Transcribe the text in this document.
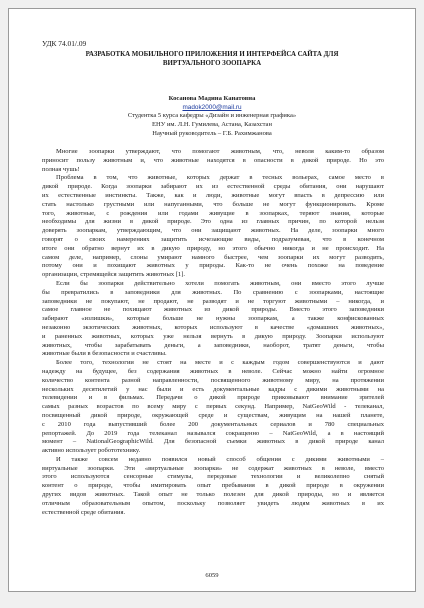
УДК 74.01/.09
РАЗРАБОТКА МОБИЛЬНОГО ПРИЛОЖЕНИЯ И ИНТЕРФЕЙСА САЙТА ДЛЯ
ВИРТУАЛЬНОГО ЗООПАРКА
Косанова Мадина Канатовна
madok2000@mail.ru
Студентка 5 курса кафедры «Дизайн и инженерная графика»
ЕНУ им. Л.Н. Гумилева, Астана, Казахстан
Научный руководитель – Г.Б. Рахимжанова
Многие зоопарки утверждают, что помогают животным, что, неволя каким-то образом
приносит пользу животным и, что животные находятся в опасности в дикой природе. Но это
полная чушь!
Проблема в том, что животные, которых держат в тесных вольерах, самое место в
дикой природе. Когда зоопарки забирают их из естественной среды обитания, они нарушают
их естественные инстинкты. Также, как и люди, животные могут впасть в депрессию или
стать настолько грустными или напуганными, что больше не могут функционировать. Кроме
того, животные, с рождения или годами живущие в зоопарках, теряют знания, которые
необходимы для жизни в дикой природе. Это одна из главных причин, по которой нельзя
доверять зоопаркам, утверждающим, что они защищают животных. На деле, зоопарки много
говорят о своих намерениях защитить исчезающие виды, подразумевая, что в конечном
итоге они обратно вернут их в дикую природу, но этого обычно никогда и не происходит. На
самом деле, например, слоны умирают намного быстрее, чем зоопарки их могут разводить,
потому они и похищают животных у природы. Как-то не очень похоже на поведение
организации, стремящейся защитить животных [1].
Если бы зоопарки действительно хотели помогать животным, они вместо этого лучше
бы превратились в заповедники для животных. По сравнению с зоопарками, настоящие
заповедники не покупают, не продают, не разводят и не торгуют животными – никогда, и
самое главное не похищают животных из дикой природы. Вместо этого заповедники
забирают «излишки», которые больше не нужны зоопаркам, а также конфискованных
незаконно экзотических животных, которых используют в качестве «домашних животных»,
и раненных животных, которых уже нельзя вернуть в дикую природу. Зоопарки используют
животных, чтобы зарабатывать деньги, а заповедники, наоборот, тратят деньги, чтобы
животные были в безопасности и счастливы.
Более того, технологии не стоят на месте и с каждым годом совершенствуются и дают
надежду на будущее, без содержания животных в неволе. Сейчас можно найти огромное
количество контента разной направленности, посвященного животному миру, на протяжении
нескольких десятилетий у нас были и есть документальные кадры с дикими животными на
телевидении и в фильмах. Передачи о дикой природе приковывают внимание зрителей
самых разных возрастов по всему миру с первых секунд. Например, NatGeoWild - телеканал,
посвященный дикой природе, окружающей среде и существам, живущим на нашей планете,
с 2010 года выпустивший более 200 документальных сериалов и 780 специальных
репортажей. До 2019 года телеканал назывался сокращенно – NatGeoWild, а в настоящий
момент – NationalGeographicWild. Для безопасной съемки животных в дикой природе канал
активно использует робототехнику.
И также совсем недавно появился новый способ общения с дикими животными –
виртуальные зоопарки. Эти «виртуальные зоопарки» не содержат животных в неволе, вместо
этого используются сенсорные стимулы, передовые технологии и великолепно снятый
контент о природе, чтобы имитировать опыт пребывания в дикой природе в окружении
других видов животных. Такой опыт не только полезен для дикой природы, но и является
отличным образовательным опытом, поскольку позволяет увидеть людям животных в их
естественной среде обитания.
6059
